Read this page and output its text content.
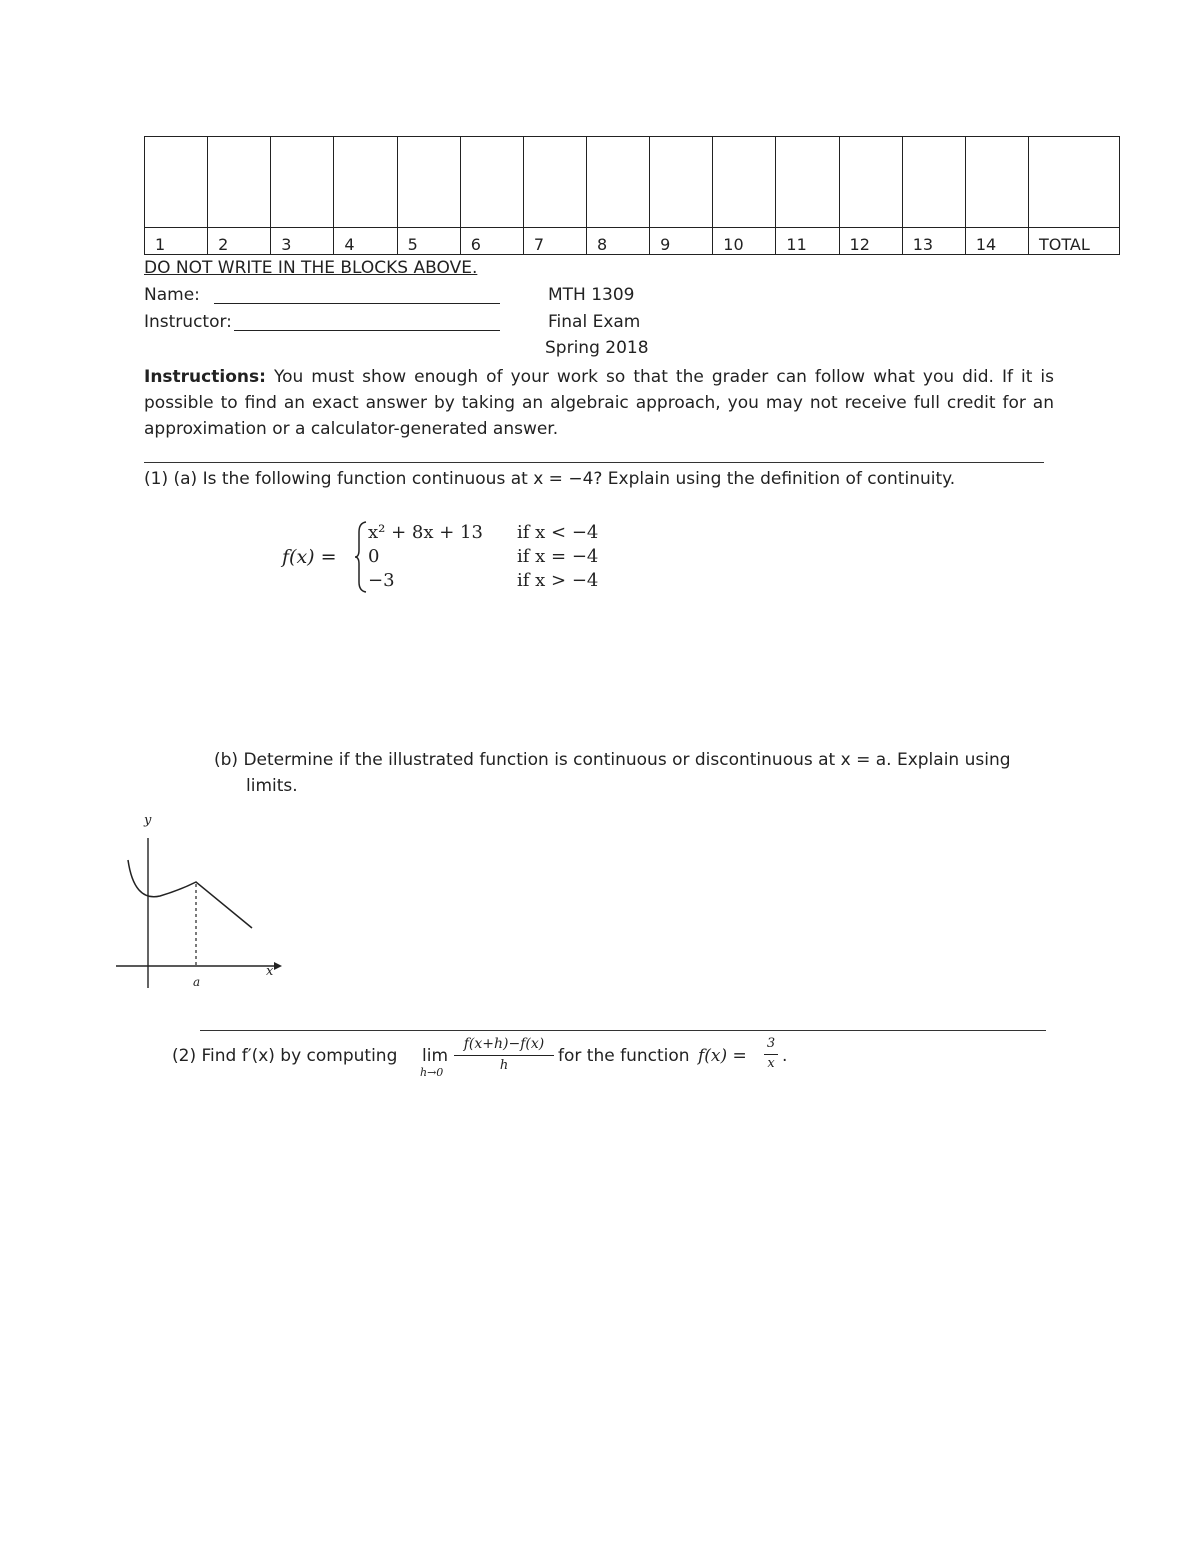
1	2	3	4	5	6	7	8	9	10	11	12	13	14	TOTAL
DO NOT WRITE IN THE BLOCKS ABOVE.
Name:
Instructor:
MTH 1309
Final Exam
Spring 2018
Instructions: You must show enough of your work so that the grader can follow what you did. If it is possible to find an exact answer by taking an algebraic approach, you may not receive full credit for an approximation or a calculator-generated answer.
(1) (a) Is the following function continuous at x = −4? Explain using the definition of continuity.
f(x) =
x² + 8x + 13 if x < −4
0	if x = −4
−3	if x > −4
(b) Determine if the illustrated function is continuous or discontinuous at x = a. Explain using
limits.
y
x
a
(2) Find f′(x) by computing lim
h→0
f(x+h)−f(x)
h	for the function f(x) =
3
x .
